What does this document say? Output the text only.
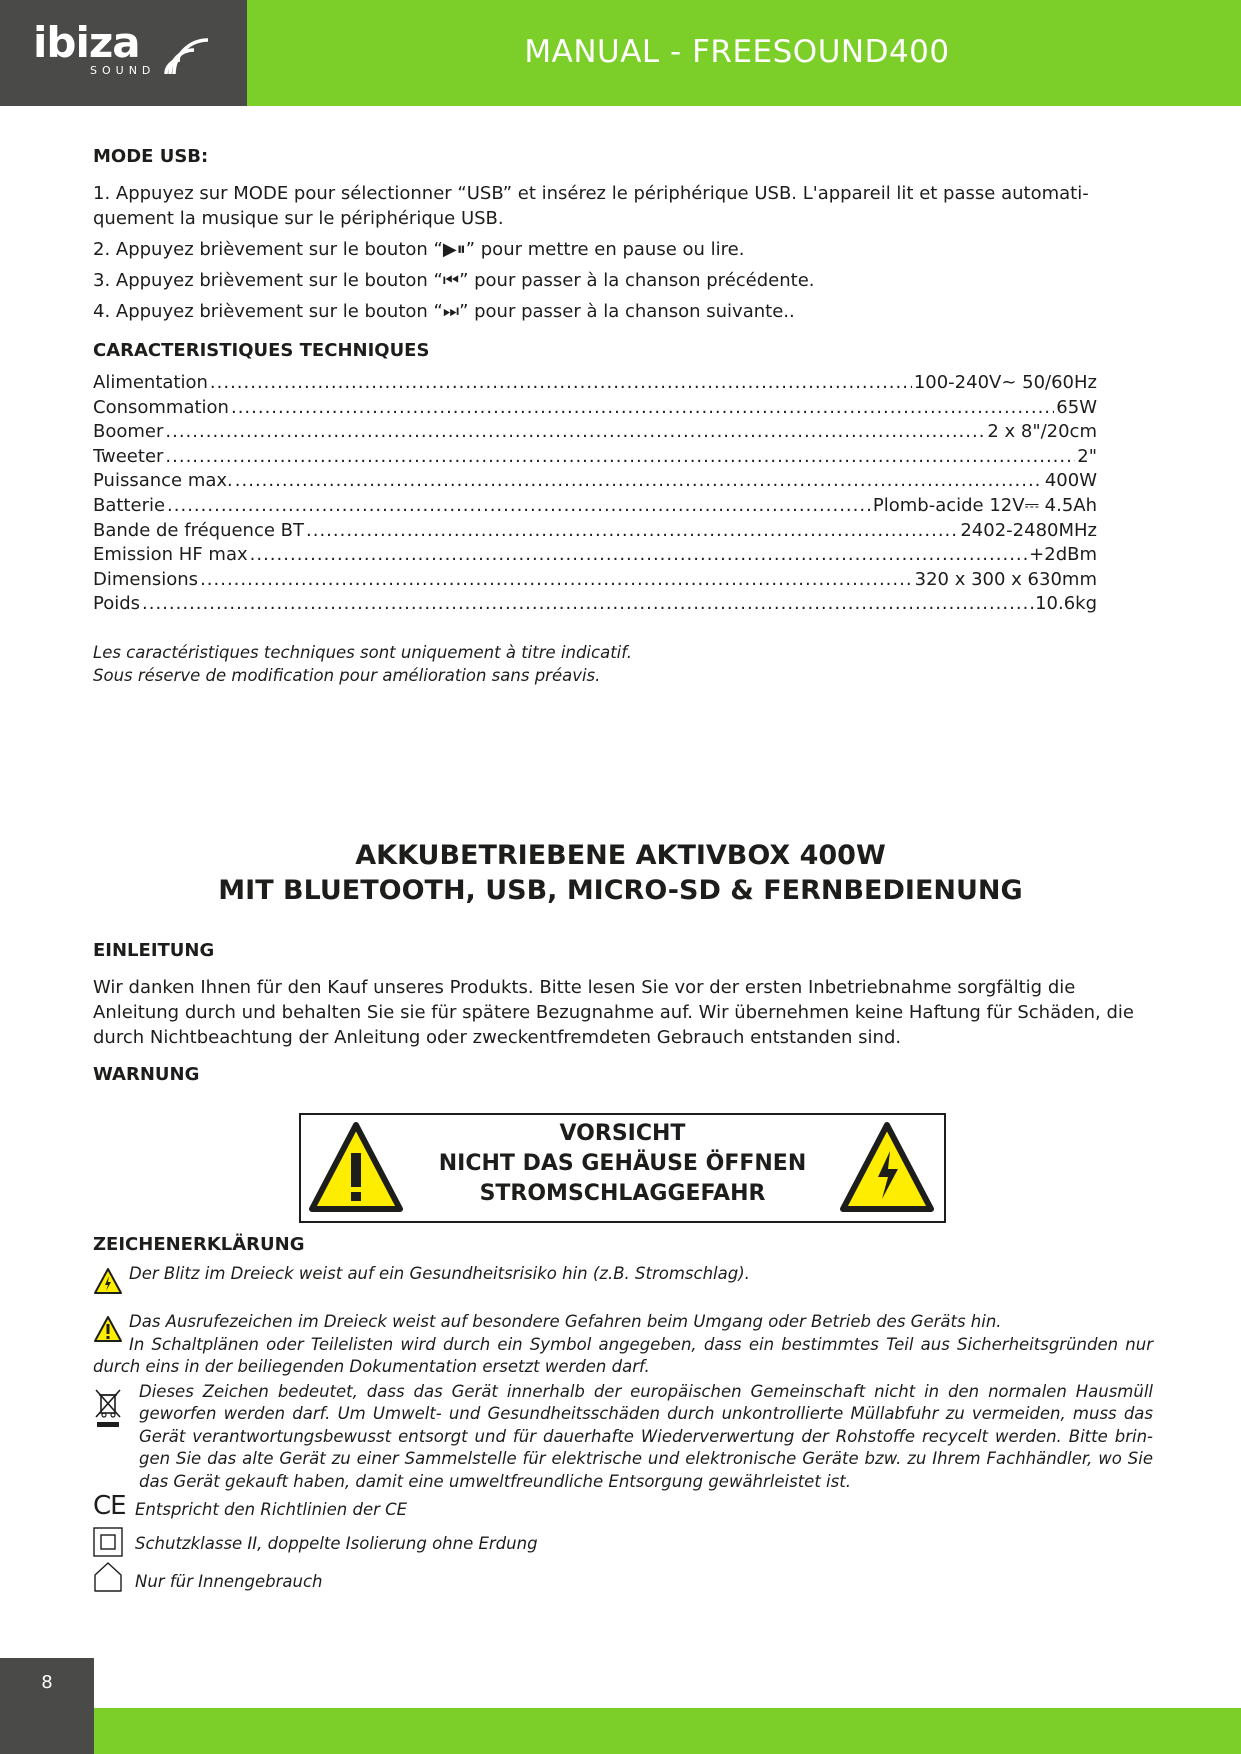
ibiza
SOUND
MANUAL - FREESOUND400

MODE USB:

1. Appuyez sur MODE pour sélectionner “USB” et insérez le périphérique USB. L'appareil lit et passe automati-quement la musique sur le périphérique USB.

2. Appuyez brièvement sur le bouton “▶⏸” pour mettre en pause ou lire.

3. Appuyez brièvement sur le bouton “⏮” pour passer à la chanson précédente.

4. Appuyez brièvement sur le bouton “⏭” pour passer à la chanson suivante..

CARACTERISTIQUES TECHNIQUES

Alimentation .....	100-240V~ 50/60Hz
Consommation .....	65W
Boomer .....	2 x 8"/20cm
Tweeter .....	2"
Puissance max. .....	400W
Batterie .....	Plomb-acide 12V⎓ 4.5Ah
Bande de fréquence BT .....	2402-2480MHz
Emission HF max .....	+2dBm
Dimensions .....	320 x 300 x 630mm
Poids .....	10.6kg

Les caractéristiques techniques sont uniquement à titre indicatif.

Sous réserve de modification pour amélioration sans préavis.

AKKUBETRIEBENE AKTIVBOX 400W
MIT BLUETOOTH, USB, MICRO-SD & FERNBEDIENUNG

EINLEITUNG

Wir danken Ihnen für den Kauf unseres Produkts. Bitte lesen Sie vor der ersten Inbetriebnahme sorgfältig die Anleitung durch und behalten Sie sie für spätere Bezugnahme auf. Wir übernehmen keine Haftung für Schäden, die durch Nichtbeachtung der Anleitung oder zweckentfremdeten Gebrauch entstanden sind.

WARNUNG

VORSICHT
NICHT DAS GEHÄUSE ÖFFNEN
STROMSCHLAGGEFAHR

ZEICHENERKLÄRUNG

Der Blitz im Dreieck weist auf ein Gesundheitsrisiko hin (z.B. Stromschlag).

Das Ausrufezeichen im Dreieck weist auf besondere Gefahren beim Umgang oder Betrieb des Geräts hin.

In Schaltplänen oder Teilelisten wird durch ein Symbol angegeben, dass ein bestimmtes Teil aus Sicherheitsgründen nur durch eins in der beiliegenden Dokumentation ersetzt werden darf.

Dieses Zeichen bedeutet, dass das Gerät innerhalb der europäischen Gemeinschaft nicht in den normalen Hausmüll geworfen werden darf. Um Umwelt- und Gesundheitsschäden durch unkontrollierte Müllabfuhr zu vermeiden, muss das Gerät verantwortungsbewusst entsorgt und für dauerhafte Wiederverwertung der Rohstoffe recycelt werden. Bitte brin-gen Sie das alte Gerät zu einer Sammelstelle für elektrische und elektronische Geräte bzw. zu Ihrem Fachhändler, wo Sie das Gerät gekauft haben, damit eine umweltfreundliche Entsorgung gewährleistet ist.

CE Entspricht den Richtlinien der CE

Schutzklasse II, doppelte Isolierung ohne Erdung

Nur für Innengebrauch

8
